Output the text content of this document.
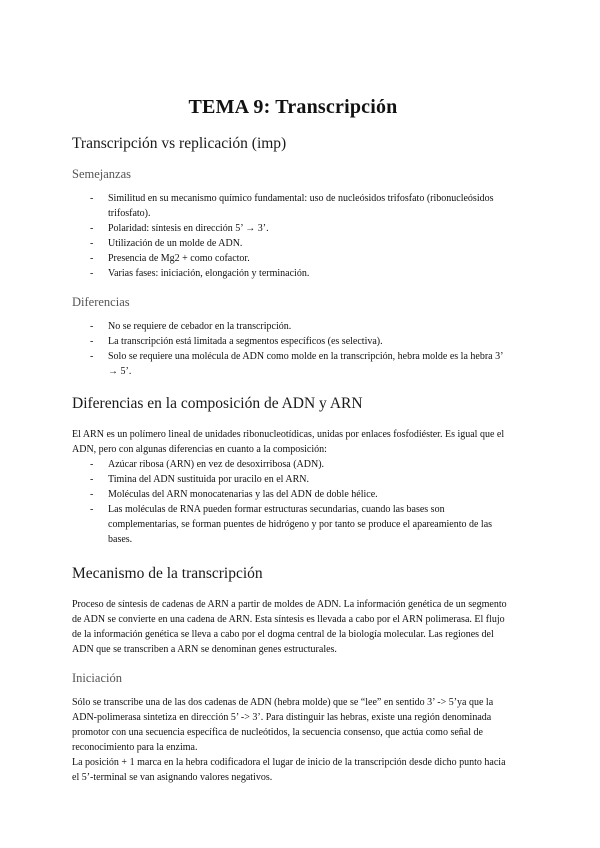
TEMA 9: Transcripción
Transcripción vs replicación (imp)
Semejanzas
- Similitud en su mecanismo químico fundamental: uso de nucleósidos trifosfato (ribonucleósidos trifosfato).
- Polaridad: síntesis en dirección 5’ → 3’.
- Utilización de un molde de ADN.
- Presencia de Mg2 + como cofactor.
- Varias fases: iniciación, elongación y terminación.
Diferencias
- No se requiere de cebador en la transcripción.
- La transcripción está limitada a segmentos específicos (es selectiva).
- Solo se requiere una molécula de ADN como molde en la transcripción, hebra molde es la hebra 3’ → 5’.
Diferencias en la composición de ADN y ARN

El ARN es un polímero lineal de unidades ribonucleotídicas, unidas por enlaces fosfodiéster. Es igual que el ADN, pero con algunas diferencias en cuanto a la composición:

- Azúcar ribosa (ARN) en vez de desoxirribosa (ADN).
- Timina del ADN sustituida por uracilo en el ARN.
- Moléculas del ARN monocatenarias y las del ADN de doble hélice.
- Las moléculas de RNA pueden formar estructuras secundarias, cuando las bases son complementarias, se forman puentes de hidrógeno y por tanto se produce el apareamiento de las bases.
Mecanismo de la transcripción

Proceso de síntesis de cadenas de ARN a partir de moldes de ADN. La información genética de un segmento de ADN se convierte en una cadena de ARN. Esta síntesis es llevada a cabo por el ARN polimerasa. El flujo de la información genética se lleva a cabo por el dogma central de la biología molecular. Las regiones del ADN que se transcriben a ARN se denominan genes estructurales.

Iniciación

Sólo se transcribe una de las dos cadenas de ADN (hebra molde) que se “lee” en sentido 3’ -> 5’ya que la ADN-polimerasa sintetiza en dirección 5’ -> 3’. Para distinguir las hebras, existe una región denominada promotor con una secuencia específica de nucleótidos, la secuencia consenso, que actúa como señal de reconocimiento para la enzima.

La posición + 1 marca en la hebra codificadora el lugar de inicio de la transcripción desde dicho punto hacia el 5’-terminal se van asignando valores negativos.
